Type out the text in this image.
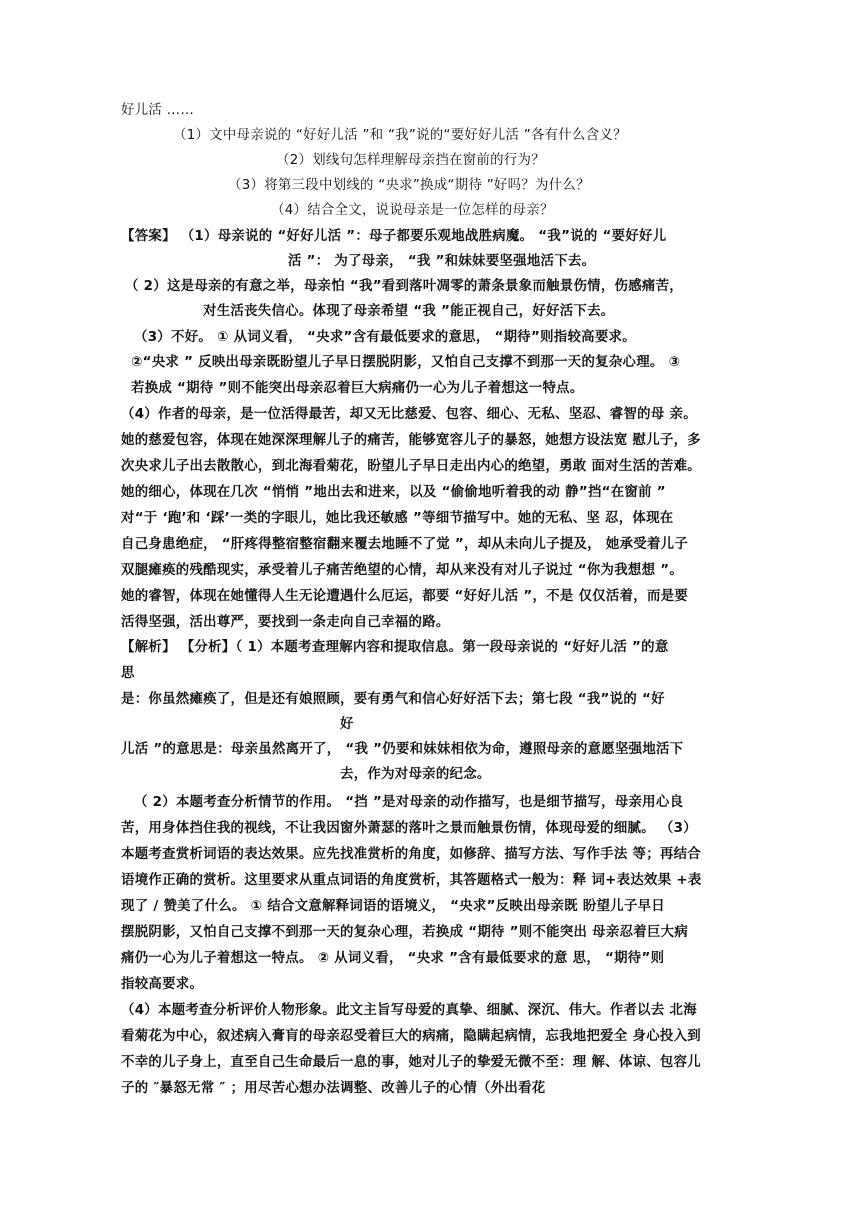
好儿活 ……
（1）文中母亲说的 “好好儿活 ”和 “我”说的“要好好儿活 ”各有什么含义？
（2）划线句怎样理解母亲挡在窗前的行为？
（3）将第三段中划线的 “央求”换成“期待 ”好吗？为什么？
（4）结合全文，说说母亲是一位怎样的母亲？
【答案】 （1）母亲说的 “好好儿活 ”：母子都要乐观地战胜病魔。 “我”说的 “要好好儿
活 ”： 为了母亲， “我 ”和妹妹要坚强地活下去。
（ 2）这是母亲的有意之举，母亲怕 “我”看到落叶凋零的萧条景象而触景伤情，伤感痛苦，
对生活丧失信心。体现了母亲希望 “我 ”能正视自己，好好活下去。
（3）不好。 ① 从词义看， “央求”含有最低要求的意思， “期待”则指较高要求。
②“央求 ” 反映出母亲既盼望儿子早日摆脱阴影，又怕自己支撑不到那一天的复杂心理。 ③
若换成 “期待 ”则不能突出母亲忍着巨大病痛仍一心为儿子着想这一特点。
（4）作者的母亲，是一位活得最苦，却又无比慈爱、包容、细心、无私、坚忍、睿智的母 亲。
她的慈爱包容，体现在她深深理解儿子的痛苦，能够宽容儿子的暴怒，她想方设法宽 慰儿子，多
次央求儿子出去散散心，到北海看菊花，盼望儿子早日走出内心的绝望，勇敢 面对生活的苦难。
她的细心，体现在几次 “悄悄 ”地出去和进来，以及 “偷偷地听着我的动 静”挡“在窗前 ”
对“于 ‘跑’和 ‘踩’一类的字眼儿，她比我还敏感 ”等细节描写中。她的无私、坚 忍，体现在
自己身患绝症， “肝疼得整宿整宿翻来覆去地睡不了觉 ”，却从未向儿子提及， 她承受着儿子
双腿瘫痪的残酷现实，承受着儿子痛苦绝望的心情，却从来没有对儿子说过 “你为我想想 ”。
她的睿智，体现在她懂得人生无论遭遇什么厄运，都要 “好好儿活 ”，不是 仅仅活着，而是要
活得坚强，活出尊严，要找到一条走向自己幸福的路。
【解析】 【分析】（ 1）本题考查理解内容和提取信息。第一段母亲说的 “好好儿活 ”的意
思
是：你虽然瘫痪了，但是还有娘照顾，要有勇气和信心好好活下去；第七段 “我”说的 “好
好
儿活 ”的意思是：母亲虽然离开了， “我 ”仍要和妹妹相依为命，遵照母亲的意愿坚强地活下
去，作为对母亲的纪念。
（ 2）本题考查分析情节的作用。 “挡 ”是对母亲的动作描写，也是细节描写，母亲用心良
苦，用身体挡住我的视线，不让我因窗外萧瑟的落叶之景而触景伤情，体现母爱的细腻。 （3）
本题考查赏析词语的表达效果。应先找准赏析的角度，如修辞、描写方法、写作手法 等；再结合
语境作正确的赏析。这里要求从重点词语的角度赏析，其答题格式一般为：释 词+表达效果 +表
现了 / 赞美了什么。 ① 结合文意解释词语的语境义， “央求”反映出母亲既 盼望儿子早日
摆脱阴影，又怕自己支撑不到那一天的复杂心理，若换成 “期待 ”则不能突出 母亲忍着巨大病
痛仍一心为儿子着想这一特点。 ② 从词义看， “央求 ”含有最低要求的意 思， “期待”则
指较高要求。
（4）本题考查分析评价人物形象。此文主旨写母爱的真挚、细腻、深沉、伟大。作者以去 北海
看菊花为中心，叙述病入膏肓的母亲忍受着巨大的病痛，隐瞒起病情，忘我地把爱全 身心投入到
不幸的儿子身上，直至自己生命最后一息的事，她对儿子的挚爱无微不至：理 解、体谅、包容儿
子的 ″暴怒无常 ″ ；用尽苦心想办法调整、改善儿子的心情（外出看花
